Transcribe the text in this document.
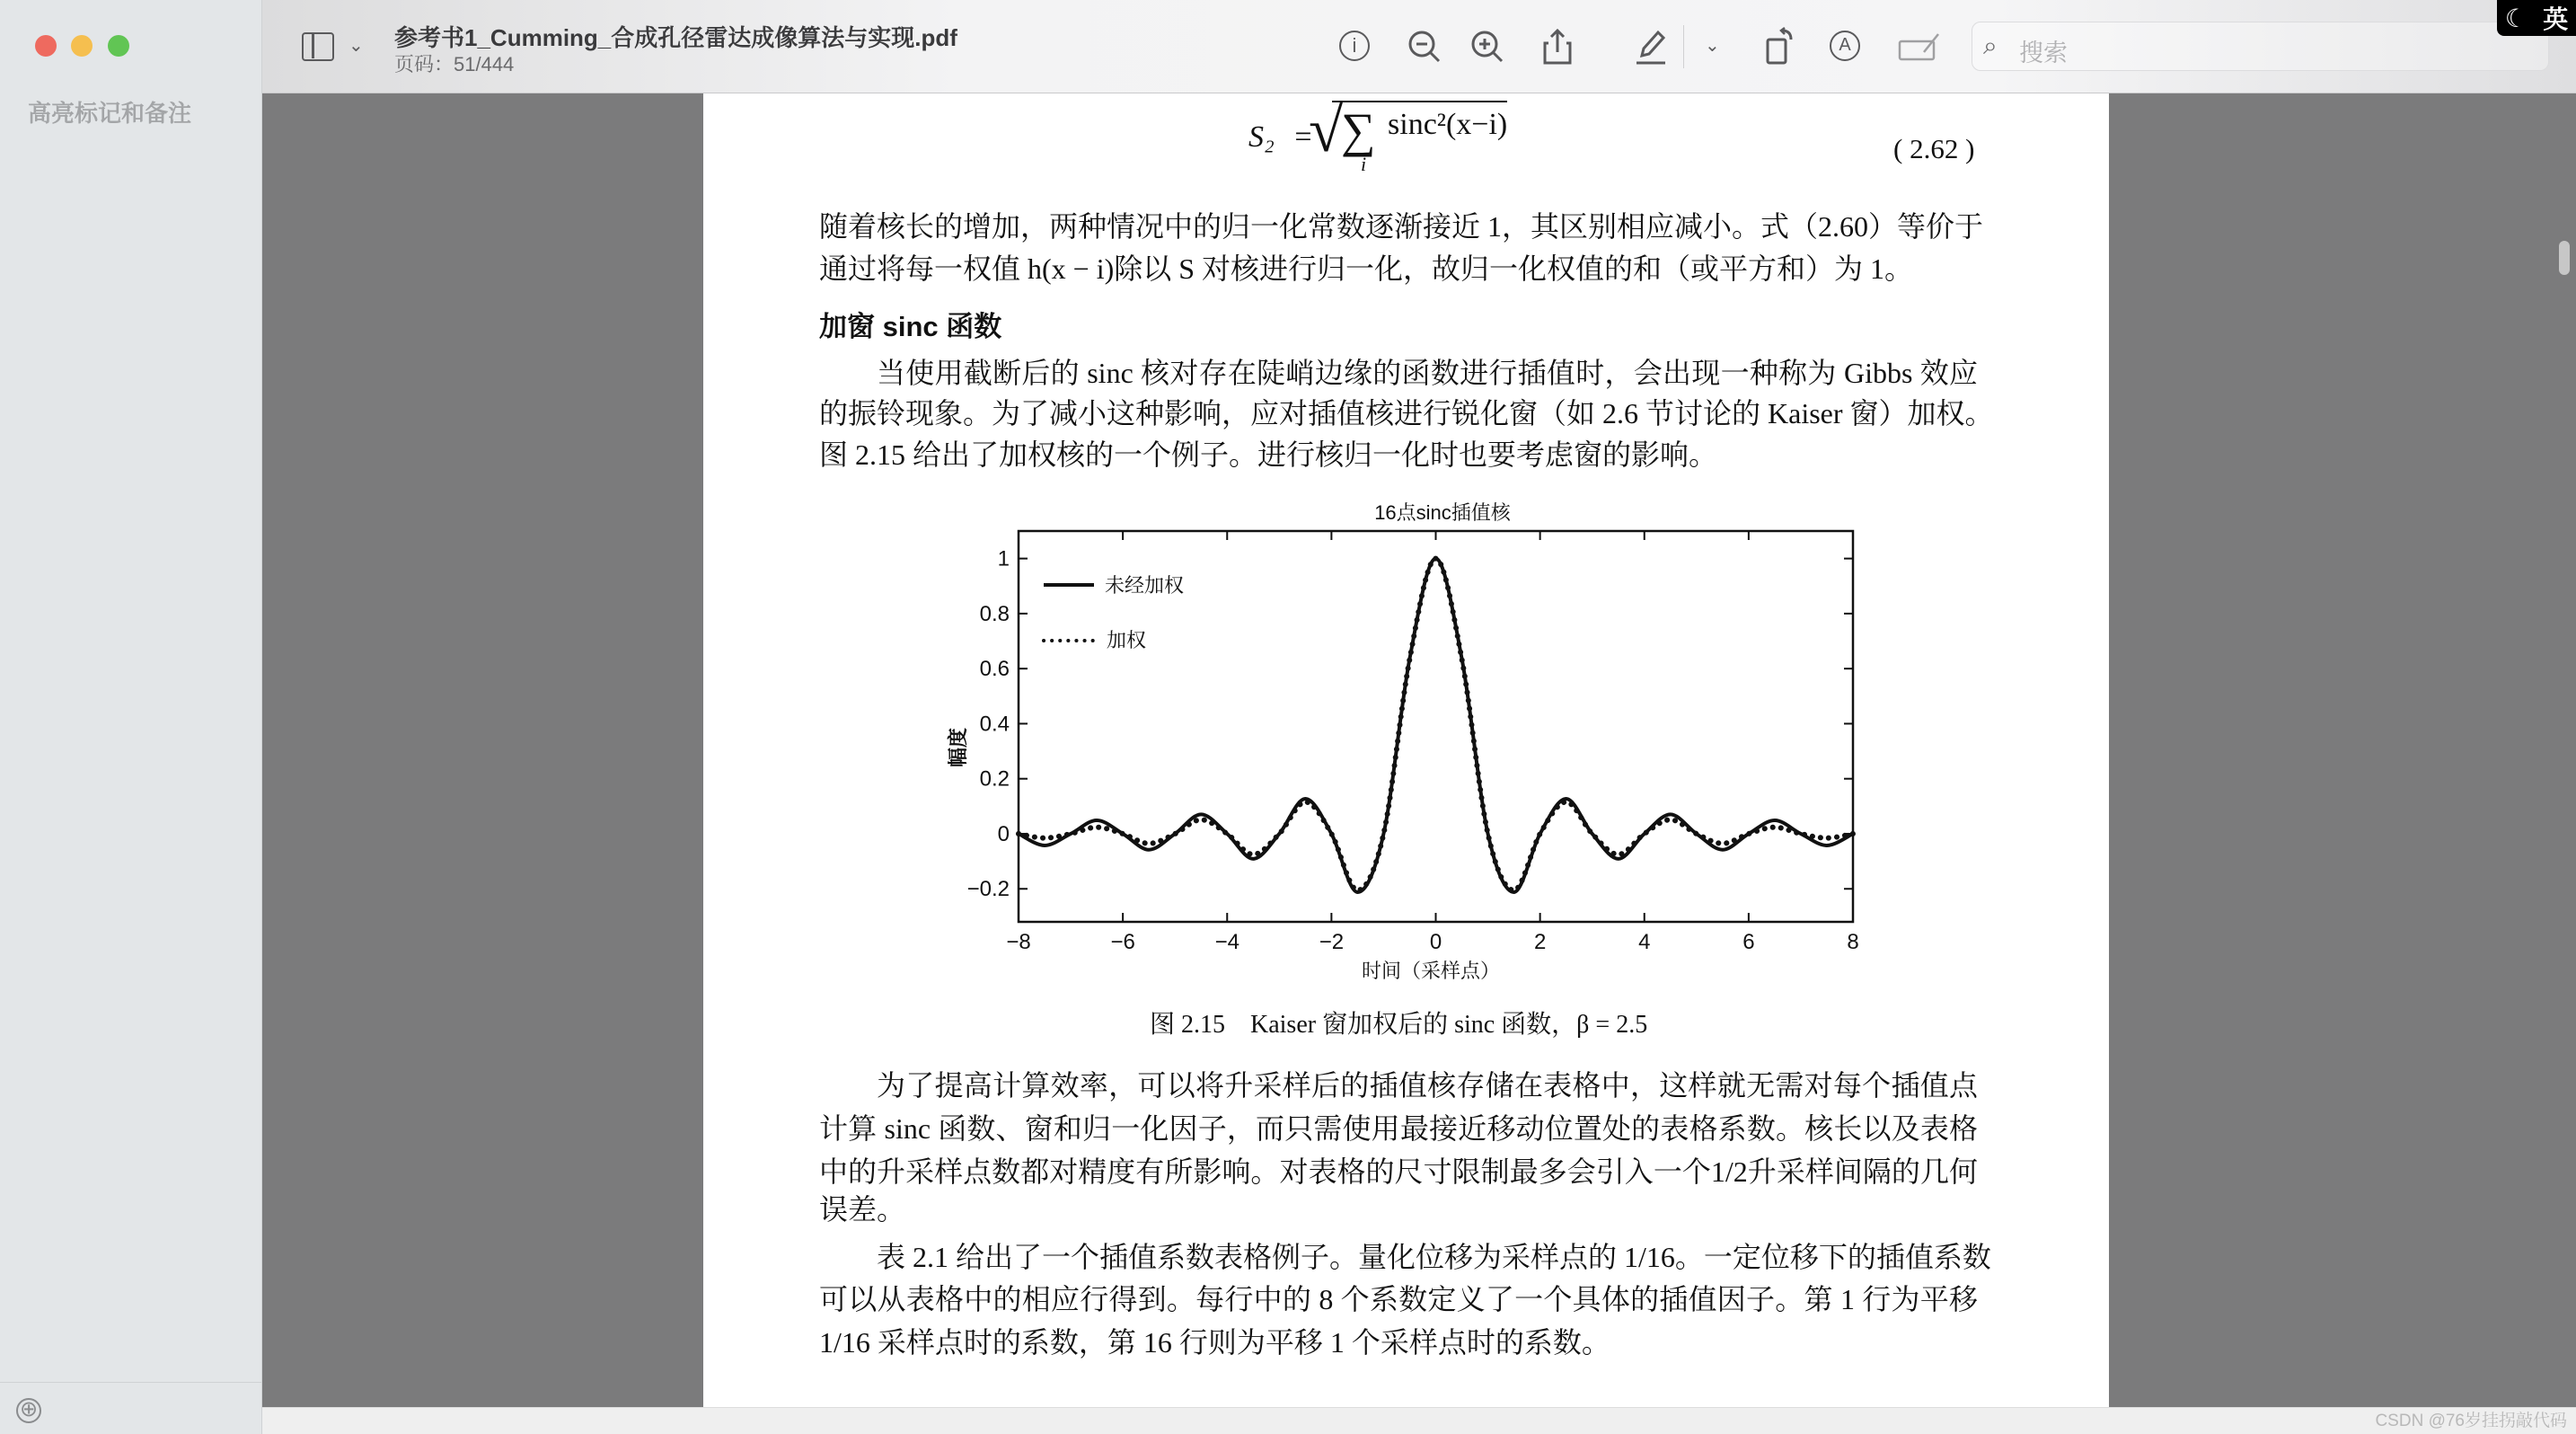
高亮标记和备注
⊕
⌄ 参考书1_Cumming_合成孔径雷达成像算法与实现.pdf
页码：51/444
i	⌄	A	⌕ 搜索
☾ 英
S₂ =
√
∑
i
$^{sinc^2(x-i)}$
( 2.62 )
随着核长的增加，两种情况中的归一化常数逐渐接近 1，其区别相应减小。式（2.60）等价于
通过将每一权值 h(x − i)除以 S 对核进行归一化，故归一化权值的和（或平方和）为 1。
加窗 sinc 函数
当使用截断后的 sinc 核对存在陡峭边缘的函数进行插值时，会出现一种称为 Gibbs 效应
的振铃现象。为了减小这种影响，应对插值核进行锐化窗（如 2.6 节讨论的 Kaiser 窗）加权。
图 2.15 给出了加权核的一个例子。进行核归一化时也要考虑窗的影响。
16点sinc插值核
−8	−6	−4	−2	0	2	4	6	8
−0.2
0
0.2
0.4
0.6
0.8
1
未经加权
加权
幅度
时间（采样点）
图 2.15　Kaiser 窗加权后的 sinc 函数，β = 2.5
为了提高计算效率，可以将升采样后的插值核存储在表格中，这样就无需对每个插值点
计算 sinc 函数、窗和归一化因子，而只需使用最接近移动位置处的表格系数。核长以及表格
中的升采样点数都对精度有所影响。对表格的尺寸限制最多会引入一个1/2升采样间隔的几何
误差。
表 2.1 给出了一个插值系数表格例子。量化位移为采样点的 1/16。一定位移下的插值系数
可以从表格中的相应行得到。每行中的 8 个系数定义了一个具体的插值因子。第 1 行为平移
1/16 采样点时的系数，第 16 行则为平移 1 个采样点时的系数。
CSDN @76岁挂拐敲代码
